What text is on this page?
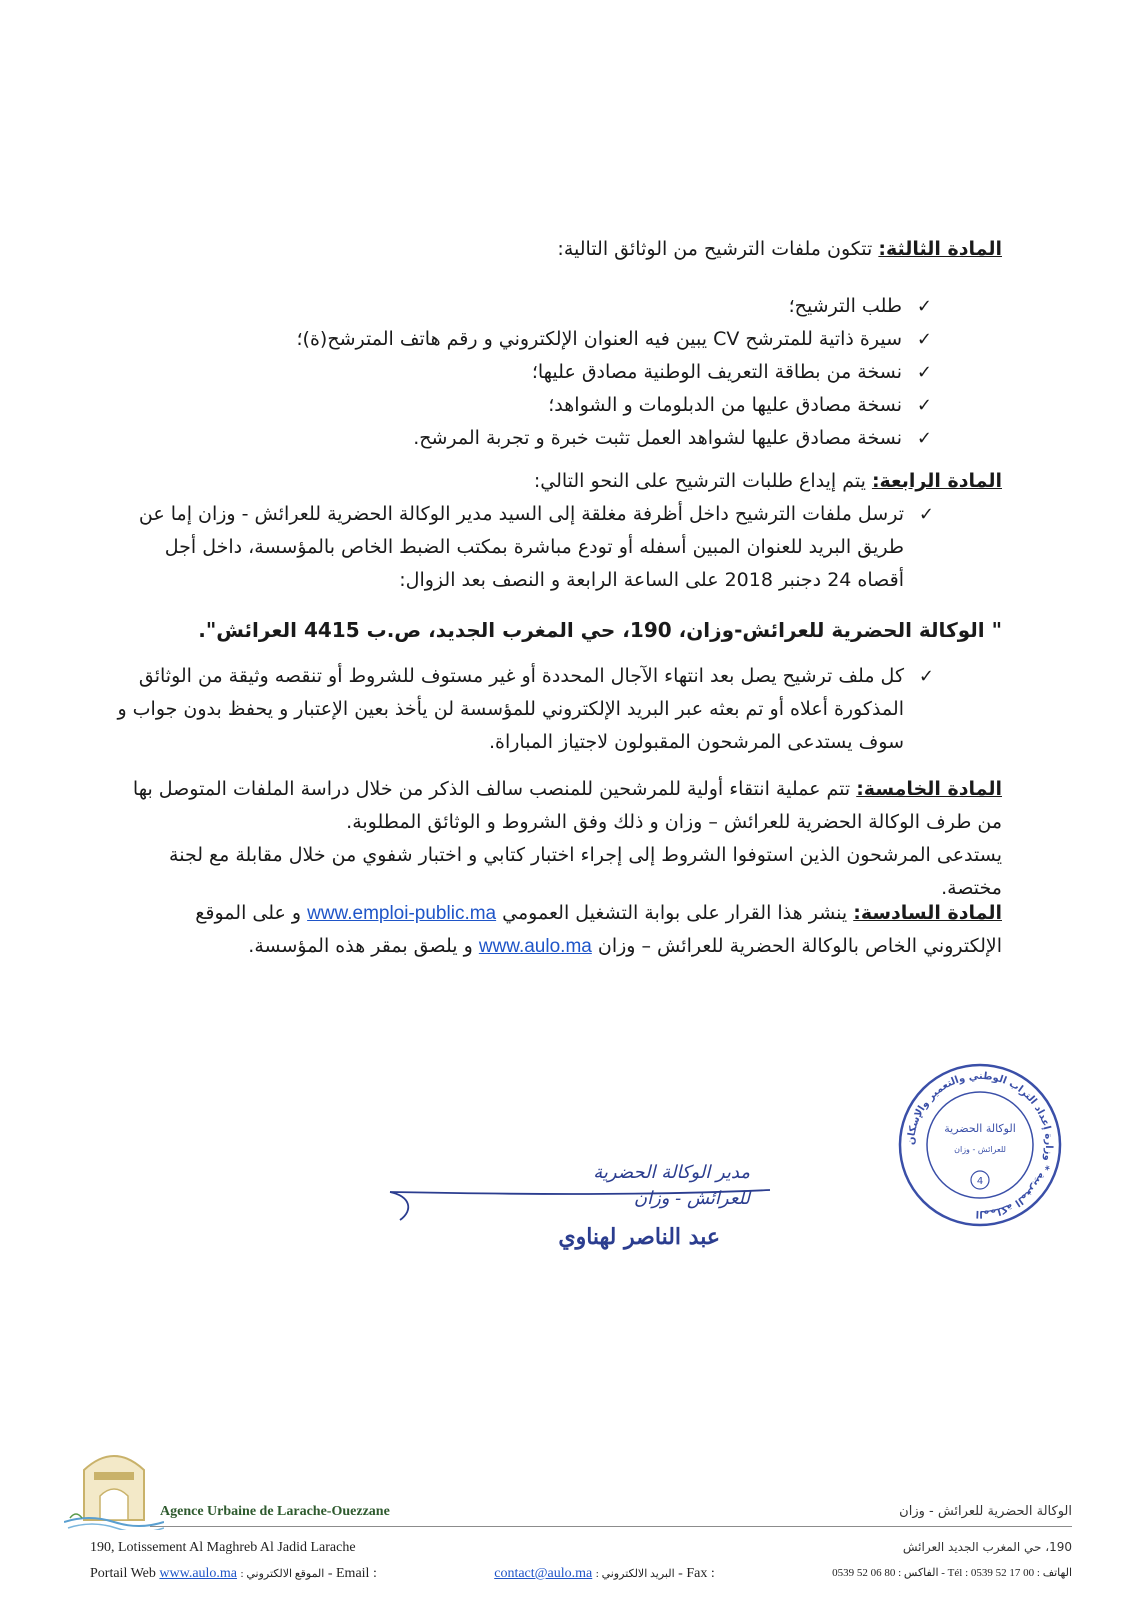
المادة الثالثة: تتكون ملفات الترشيح من الوثائق التالية:
✓
طلب الترشيح؛
✓
سيرة ذاتية للمترشح CV يبين فيه العنوان الإلكتروني و رقم هاتف المترشح(ة)؛
✓
نسخة من بطاقة التعريف الوطنية مصادق عليها؛
✓
نسخة مصادق عليها من الدبلومات و الشواهد؛
✓
نسخة مصادق عليها لشواهد العمل تثبت خبرة و تجربة المرشح.
المادة الرابعة: يتم إيداع طلبات الترشيح على النحو التالي:
✓
ترسل ملفات الترشيح داخل أظرفة مغلقة إلى السيد مدير الوكالة الحضرية للعرائش - وزان إما عن طريق البريد للعنوان المبين أسفله أو تودع مباشرة بمكتب الضبط الخاص بالمؤسسة، داخل أجل أقصاه 24 دجنبر 2018 على الساعة الرابعة و النصف بعد الزوال:
" الوكالة الحضرية للعرائش-وزان، 190، حي المغرب الجديد، ص.ب 4415 العرائش".
✓
كل ملف ترشيح يصل بعد انتهاء الآجال المحددة أو غير مستوف للشروط أو تنقصه وثيقة من الوثائق المذكورة أعلاه أو تم بعثه عبر البريد الإلكتروني للمؤسسة لن يأخذ بعين الإعتبار و يحفظ بدون جواب و سوف يستدعى المرشحون المقبولون لاجتياز المباراة.
المادة الخامسة: تتم عملية انتقاء أولية للمرشحين للمنصب سالف الذكر من خلال دراسة الملفات المتوصل بها من طرف الوكالة الحضرية للعرائش – وزان و ذلك وفق الشروط و الوثائق المطلوبة.
يستدعى المرشحون الذين استوفوا الشروط إلى إجراء اختبار كتابي و اختبار شفوي من خلال مقابلة مع لجنة مختصة.
المادة السادسة: ينشر هذا القرار على بوابة التشغيل العمومي www.emploi-public.ma و على الموقع الإلكتروني الخاص بالوكالة الحضرية للعرائش – وزان www.aulo.ma و يلصق بمقر هذه المؤسسة.
المملكة المغربية * وزارة إعداد التراب الوطني والتعمير والإسكان
الوكالة الحضرية
للعرائش - وزان
4
مدير الوكالة الحضرية
للعرائش - وزان
عبد الناصر لهناوي
Agence Urbaine de Larache-Ouezzane	الوكالة الحضرية للعرائش - وزان
190, Lotissement Al Maghreb Al Jadid Larache	190، حي المغرب الجديد العرائش
Portail Web www.aulo.ma : الموقع الالكتروني - Email :	contact@aulo.ma : البريد الالكتروني - Fax :	0539 52 06 80 : الفاكس - Tél : 0539 52 17 00 : الهاتف
